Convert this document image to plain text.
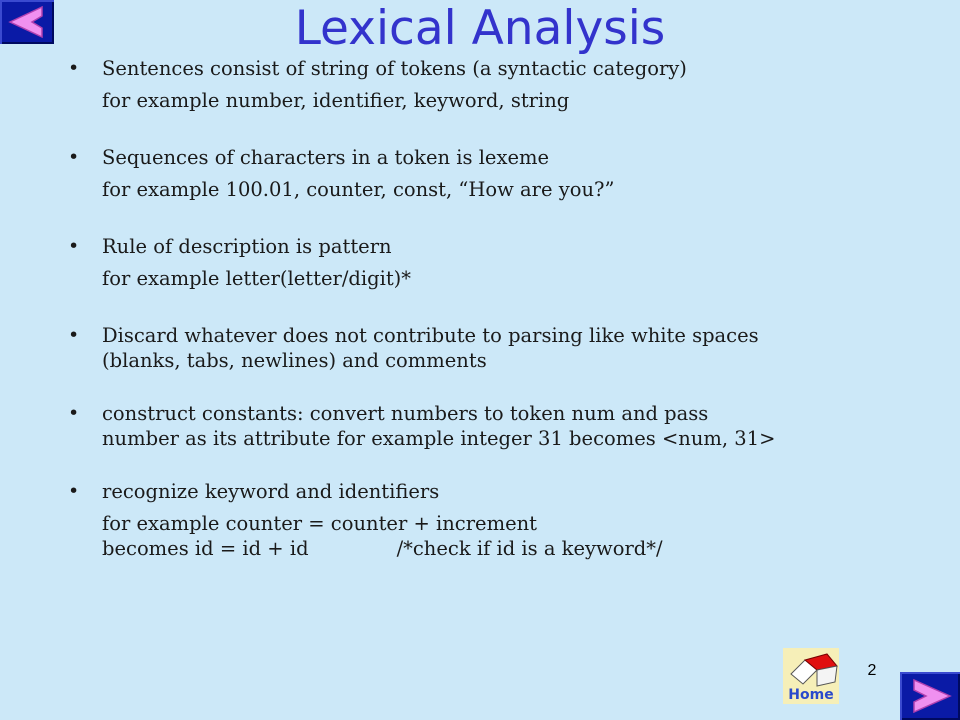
Lexical Analysis
• Sentences consist of string of tokens (a syntactic category)
for example number, identifier, keyword, string
• Sequences of characters in a token is lexeme
for example 100.01, counter, const, “How are you?”
• Rule of description is pattern
for example letter(letter/digit)*
• Discard whatever does not contribute to parsing like white spaces
(blanks, tabs, newlines) and comments
• construct constants: convert numbers to token num and pass
number as its attribute for example integer 31 becomes <num, 31>
• recognize keyword and identifiers
for example counter = counter + increment
becomes id = id + id	/*check if id is a keyword*/
Home
2
